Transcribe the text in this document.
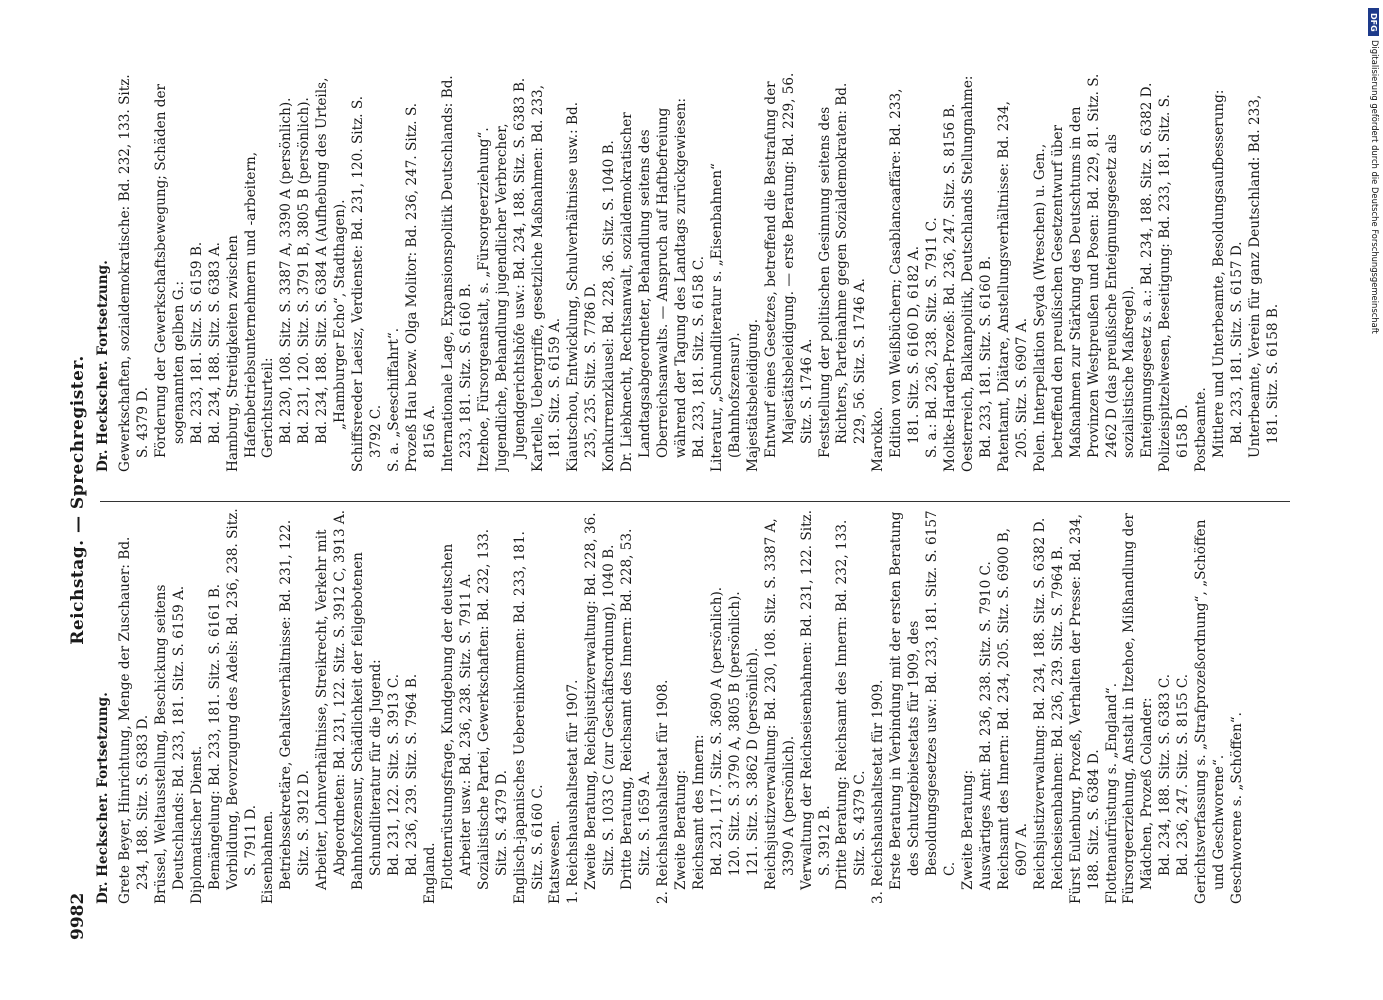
9982
Reichstag. — Sprechregister.

Dr. Heckscher. Fortsetzung. Grete Beyer, Hinrichtung, Menge der Zuschauer: Bd. 234, 188. Sitz. S. 6383 D. Brüssel, Weltausstellung, Beschickung seitens Deutschlands: Bd. 233, 181. Sitz. S. 6159 A. Diplomatischer Dienst. Bemängelung: Bd. 233, 181. Sitz. S. 6161 B. Vorbildung, Bevorzugung des Adels: Bd. 236, 238. Sitz. S. 7911 D. Eisenbahnen. Betriebssekretäre, Gehaltsverhältnisse: Bd. 231, 122. Sitz. S. 3912 D. Arbeiter, Lohnverhältnisse, Streikrecht, Verkehr mit Abgeordneten: Bd. 231, 122. Sitz. S. 3912 C, 3913 A. Bahnhofszensur, Schädlichkeit der feilgebotenen Schundliteratur für die Jugend: Bd. 231, 122. Sitz. S. 3913 C. Bd. 236, 239. Sitz. S. 7964 B. England. Flottenrüstungsfrage, Kundgebung der deutschen Arbeiter usw.: Bd. 236, 238. Sitz. S. 7911 A. Sozialistische Partei, Gewerkschaften: Bd. 232, 133. Sitz. S. 4379 D. Englisch-japanisches Uebereinkommen: Bd. 233, 181. Sitz. S. 6160 C. Etatswesen. 1. Reichshaushaltsetat für 1907. Zweite Beratung, Reichsjustizverwaltung: Bd. 228, 36. Sitz. S. 1033 C (zur Geschäftsordnung), 1040 B. Dritte Beratung, Reichsamt des Innern: Bd. 228, 53. Sitz. S. 1659 A. 2. Reichshaushaltsetat für 1908. Zweite Beratung: Reichsamt des Innern: Bd. 231, 117. Sitz. S. 3690 A (persönlich). 120. Sitz. S. 3790 A, 3805 B (persönlich). 121. Sitz. S. 3862 D (persönlich). Reichsjustizverwaltung: Bd. 230, 108. Sitz. S. 3387 A, 3390 A (persönlich). Verwaltung der Reichseisenbahnen: Bd. 231, 122. Sitz. S. 3912 B. Dritte Beratung: Reichsamt des Innern: Bd. 232, 133. Sitz. S. 4379 C. 3. Reichshaushaltsetat für 1909. Erste Beratung in Verbindung mit der ersten Beratung des Schutzgebietsetats für 1909, des Besoldungsgesetzes usw.: Bd. 233, 181. Sitz. S. 6157 C. Zweite Beratung: Auswärtiges Amt: Bd. 236, 238. Sitz. S. 7910 C. Reichsamt des Innern: Bd. 234, 205. Sitz. S. 6900 B, 6907 A. Reichsjustizverwaltung: Bd. 234, 188. Sitz. S. 6382 D. Reichseisenbahnen: Bd. 236, 239. Sitz. S. 7964 B. Fürst Eulenburg, Prozeß, Verhalten der Presse: Bd. 234, 188. Sitz. S. 6384 D. Flottenaufrüstung s. „England“. Fürsorgeerziehung, Anstalt in Itzehoe, Mißhandlung der Mädchen, Prozeß Colander: Bd. 234, 188. Sitz. S. 6383 C. Bd. 236, 247. Sitz. S. 8155 C. Gerichtsverfassung s. „Strafprozeßordnung“, „Schöffen und Geschworene“. Geschworene s. „Schöffen“.

Dr. Heckscher. Fortsetzung. Gewerkschaften, sozialdemokratische: Bd. 232, 133. Sitz. S. 4379 D. Förderung der Gewerkschaftsbewegung; Schäden der sogenannten gelben G.: Bd. 233, 181. Sitz. S. 6159 B. Bd. 234, 188. Sitz. S. 6383 A. Hamburg, Streitigkeiten zwischen Hafenbetriebsunternehmern und -arbeitern, Gerichtsurteil: Bd. 230, 108. Sitz. S. 3387 A, 3390 A (persönlich). Bd. 231, 120. Sitz. S. 3791 B, 3805 B (persönlich). Bd. 234, 188. Sitz. S. 6384 A (Aufhebung des Urteils, „Hamburger Echo“, Stadthagen). Schiffsreeder Laeisz, Verdienste: Bd. 231, 120. Sitz. S. 3792 C. S. a. „Seeschiffahrt“. Prozeß Hau bezw. Olga Molitor: Bd. 236, 247. Sitz. S. 8156 A. Internationale Lage, Expansionspolitik Deutschlands: Bd. 233, 181. Sitz. S. 6160 B. Itzehoe, Fürsorgeanstalt, s. „Fürsorgeerziehung“. Jugendliche, Behandlung jugendlicher Verbrecher, Jugendgerichtshöfe usw.: Bd. 234, 188. Sitz. S. 6383 B. Kartelle, Uebergriffe, gesetzliche Maßnahmen: Bd. 233, 181. Sitz. S. 6159 A. Kiautschou, Entwicklung, Schulverhältnisse usw.: Bd. 235, 235. Sitz. S. 7786 D. Konkurrenzklausel: Bd. 228, 36. Sitz. S. 1040 B. Dr. Liebknecht, Rechtsanwalt, sozialdemokratischer Landtagsabgeordneter, Behandlung seitens des Oberreichsanwalts. — Anspruch auf Haftbefreiung während der Tagung des Landtags zurückgewiesen: Bd. 233, 181. Sitz. S. 6158 C. Literatur, „Schundliteratur s. „Eisenbahnen“ (Bahnhofszensur). Majestätsbeleidigung. Entwurf eines Gesetzes, betreffend die Bestrafung der Majestätsbeleidigung. — erste Beratung: Bd. 229, 56. Sitz. S. 1746 A. Feststellung der politischen Gesinnung seitens des Richters, Parteinahme gegen Sozialdemokraten: Bd. 229, 56. Sitz. S. 1746 A. Marokko. Edition von Weißbüchern; Casablancaaffäre: Bd. 233, 181. Sitz. S. 6160 D, 6182 A. S. a.: Bd. 236, 238. Sitz. S. 7911 C. Moltke-Harden-Prozeß: Bd. 236, 247. Sitz. S. 8156 B. Oesterreich, Balkanpolitik, Deutschlands Stellungnahme: Bd. 233, 181. Sitz. S. 6160 B. Patentamt, Diätare, Anstellungsverhältnisse: Bd. 234, 205. Sitz. S. 6907 A. Polen. Interpellation Seyda (Wreschen) u. Gen., betreffend den preußischen Gesetzentwurf über Maßnahmen zur Stärkung des Deutschtums in den Provinzen Westpreußen und Posen: Bd. 229, 81. Sitz. S. 2462 D (das preußische Enteignungsgesetz als sozialistische Maßregel). Enteignungsgesetz s. a.: Bd. 234, 188. Sitz. S. 6382 D. Polizeispitzelwesen, Beseitigung: Bd. 233, 181. Sitz. S. 6158 D. Postbeamte. Mittlere und Unterbeamte, Besoldungsaufbesserung: Bd. 233, 181. Sitz. S. 6157 D. Unterbeamte, Verein für ganz Deutschland: Bd. 233, 181. Sitz. S. 6158 B.

DFG
Digitalisierung gefördert durch die Deutsche Forschungsgemeinschaft
